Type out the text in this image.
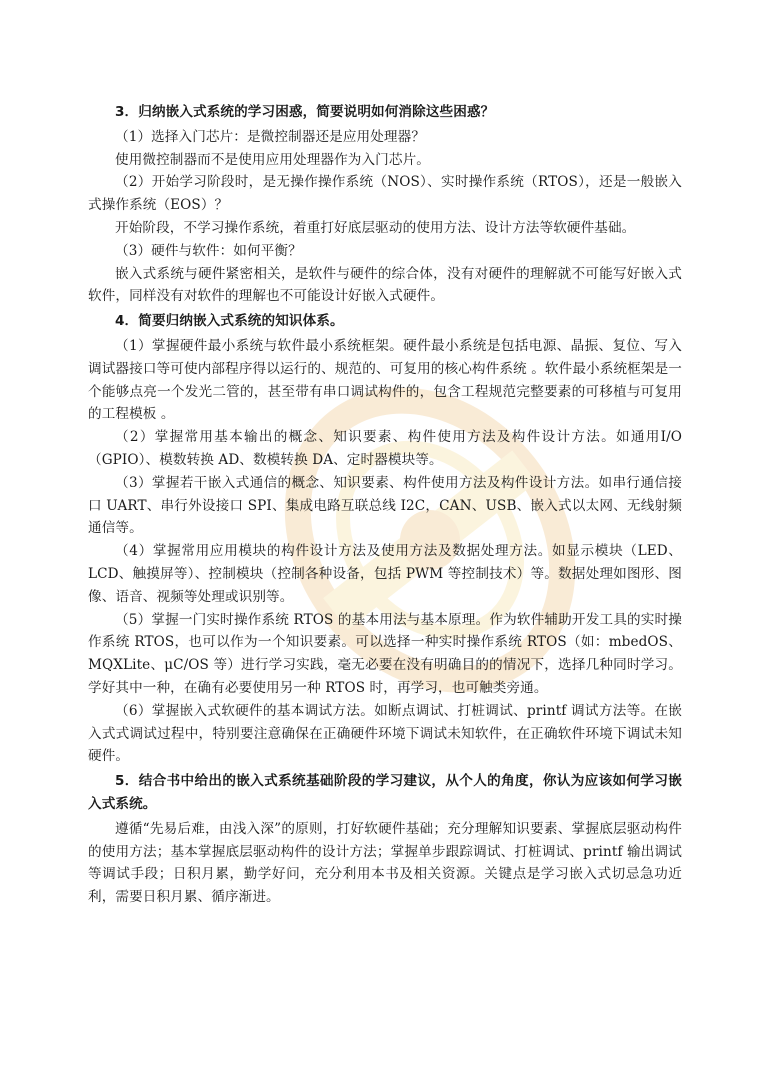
3．归纳嵌入式系统的学习困惑，简要说明如何消除这些困惑？

（1）选择入门芯片：是微控制器还是应用处理器？

使用微控制器而不是使用应用处理器作为入门芯片。

（2）开始学习阶段时，是无操作操作系统（NOS）、实时操作系统（RTOS），还是一般嵌入式操作系统（EOS）？

开始阶段，不学习操作系统，着重打好底层驱动的使用方法、设计方法等软硬件基础。

（3）硬件与软件：如何平衡？

嵌入式系统与硬件紧密相关，是软件与硬件的综合体，没有对硬件的理解就不可能写好嵌入式软件，同样没有对软件的理解也不可能设计好嵌入式硬件。

4．简要归纳嵌入式系统的知识体系。

（1）掌握硬件最小系统与软件最小系统框架。硬件最小系统是包括电源、晶振、复位、写入调试器接口等可使内部程序得以运行的、规范的、可复用的核心构件系统 。软件最小系统框架是一个能够点亮一个发光二管的，甚至带有串口调试构件的，包含工程规范完整要素的可移植与可复用的工程模板 。

（2）掌握常用基本输出的概念、知识要素、构件使用方法及构件设计方法。如通用I/O（GPIO）、模数转换 AD、数模转换 DA、定时器模块等。

（3）掌握若干嵌入式通信的概念、知识要素、构件使用方法及构件设计方法。如串行通信接口 UART、串行外设接口 SPI、集成电路互联总线 I2C，CAN、USB、嵌入式以太网、无线射频通信等。

（4）掌握常用应用模块的构件设计方法及使用方法及数据处理方法。如显示模块（LED、LCD、触摸屏等）、控制模块（控制各种设备，包括 PWM 等控制技术）等。数据处理如图形、图像、语音、视频等处理或识别等。

（5）掌握一门实时操作系统 RTOS 的基本用法与基本原理。作为软件辅助开发工具的实时操作系统 RTOS，也可以作为一个知识要素。可以选择一种实时操作系统 RTOS（如：mbedOS、MQXLite、μC/OS 等）进行学习实践，毫无必要在没有明确目的的情况下，选择几种同时学习。学好其中一种，在确有必要使用另一种 RTOS 时，再学习，也可触类旁通。

（6）掌握嵌入式软硬件的基本调试方法。如断点调试、打桩调试、printf 调试方法等。在嵌入式式调试过程中，特别要注意确保在正确硬件环境下调试未知软件，在正确软件环境下调试未知硬件。

5．结合书中给出的嵌入式系统基础阶段的学习建议，从个人的角度，你认为应该如何学习嵌入式系统。

遵循“先易后难，由浅入深”的原则，打好软硬件基础；充分理解知识要素、掌握底层驱动构件的使用方法；基本掌握底层驱动构件的设计方法；掌握单步跟踪调试、打桩调试、printf 输出调试等调试手段；日积月累，勤学好问，充分利用本书及相关资源。关键点是学习嵌入式切忌急功近利，需要日积月累、循序渐进。
